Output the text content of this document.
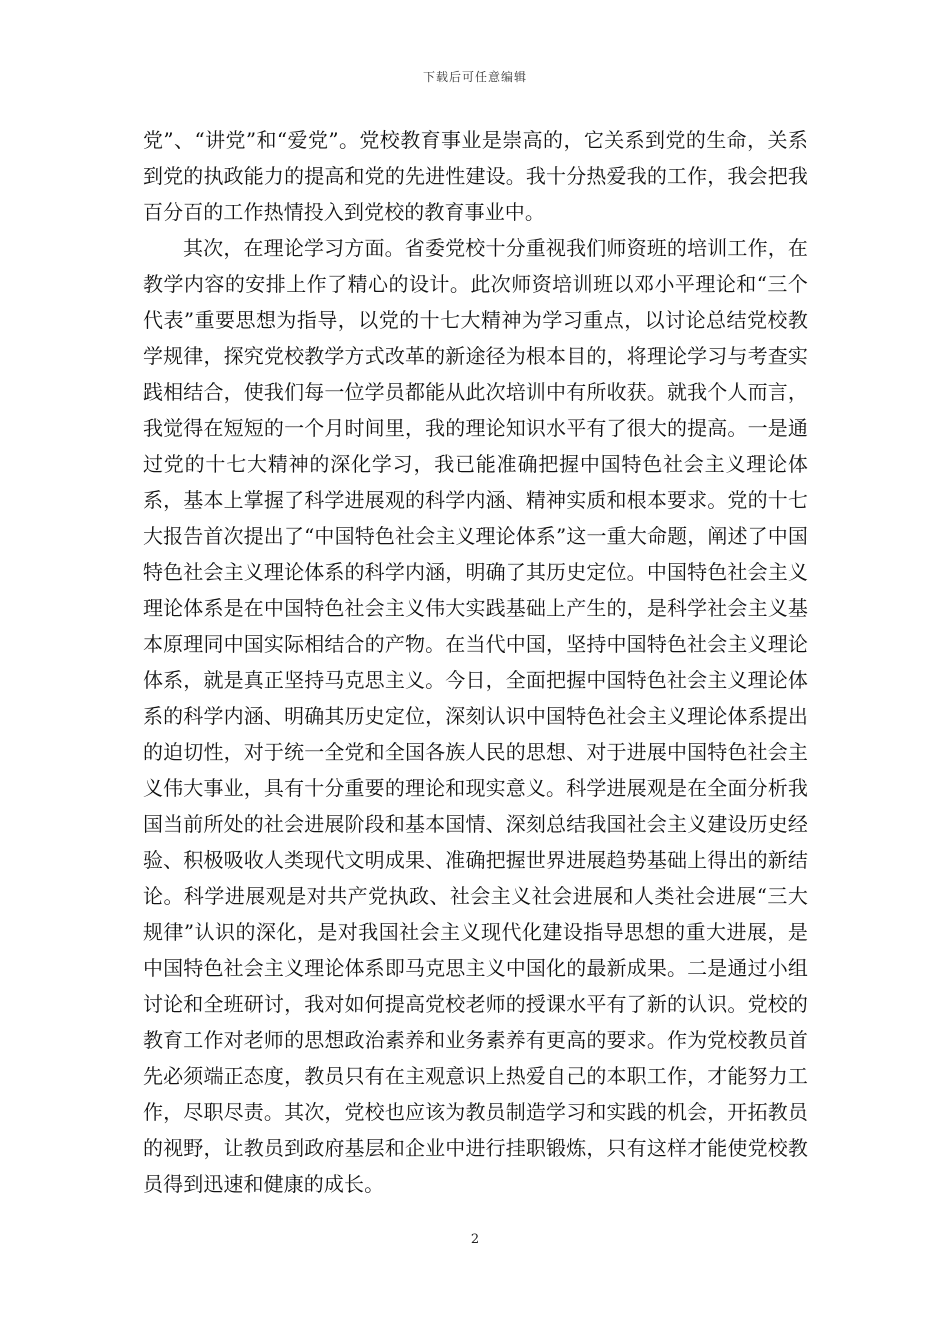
下载后可任意编辑

党”、“讲党”和“爱党”。党校教育事业是崇高的，它关系到党的生命，关系到党的执政能力的提高和党的先进性建设。我十分热爱我的工作，我会把我百分百的工作热情投入到党校的教育事业中。

其次，在理论学习方面。省委党校十分重视我们师资班的培训工作，在教学内容的安排上作了精心的设计。此次师资培训班以邓小平理论和“三个代表”重要思想为指导，以党的十七大精神为学习重点，以讨论总结党校教学规律，探究党校教学方式改革的新途径为根本目的，将理论学习与考查实践相结合，使我们每一位学员都能从此次培训中有所收获。就我个人而言，我觉得在短短的一个月时间里，我的理论知识水平有了很大的提高。一是通过党的十七大精神的深化学习，我已能准确把握中国特色社会主义理论体系，基本上掌握了科学进展观的科学内涵、精神实质和根本要求。党的十七大报告首次提出了“中国特色社会主义理论体系”这一重大命题，阐述了中国特色社会主义理论体系的科学内涵，明确了其历史定位。中国特色社会主义理论体系是在中国特色社会主义伟大实践基础上产生的，是科学社会主义基本原理同中国实际相结合的产物。在当代中国，坚持中国特色社会主义理论体系，就是真正坚持马克思主义。今日，全面把握中国特色社会主义理论体系的科学内涵、明确其历史定位，深刻认识中国特色社会主义理论体系提出的迫切性，对于统一全党和全国各族人民的思想、对于进展中国特色社会主义伟大事业，具有十分重要的理论和现实意义。科学进展观是在全面分析我国当前所处的社会进展阶段和基本国情、深刻总结我国社会主义建设历史经验、积极吸收人类现代文明成果、准确把握世界进展趋势基础上得出的新结论。科学进展观是对共产党执政、社会主义社会进展和人类社会进展“三大规律”认识的深化，是对我国社会主义现代化建设指导思想的重大进展，是中国特色社会主义理论体系即马克思主义中国化的最新成果。二是通过小组讨论和全班研讨，我对如何提高党校老师的授课水平有了新的认识。党校的教育工作对老师的思想政治素养和业务素养有更高的要求。作为党校教员首先必须端正态度，教员只有在主观意识上热爱自己的本职工作，才能努力工作，尽职尽责。其次，党校也应该为教员制造学习和实践的机会，开拓教员的视野，让教员到政府基层和企业中进行挂职锻炼，只有这样才能使党校教员得到迅速和健康的成长。

2
